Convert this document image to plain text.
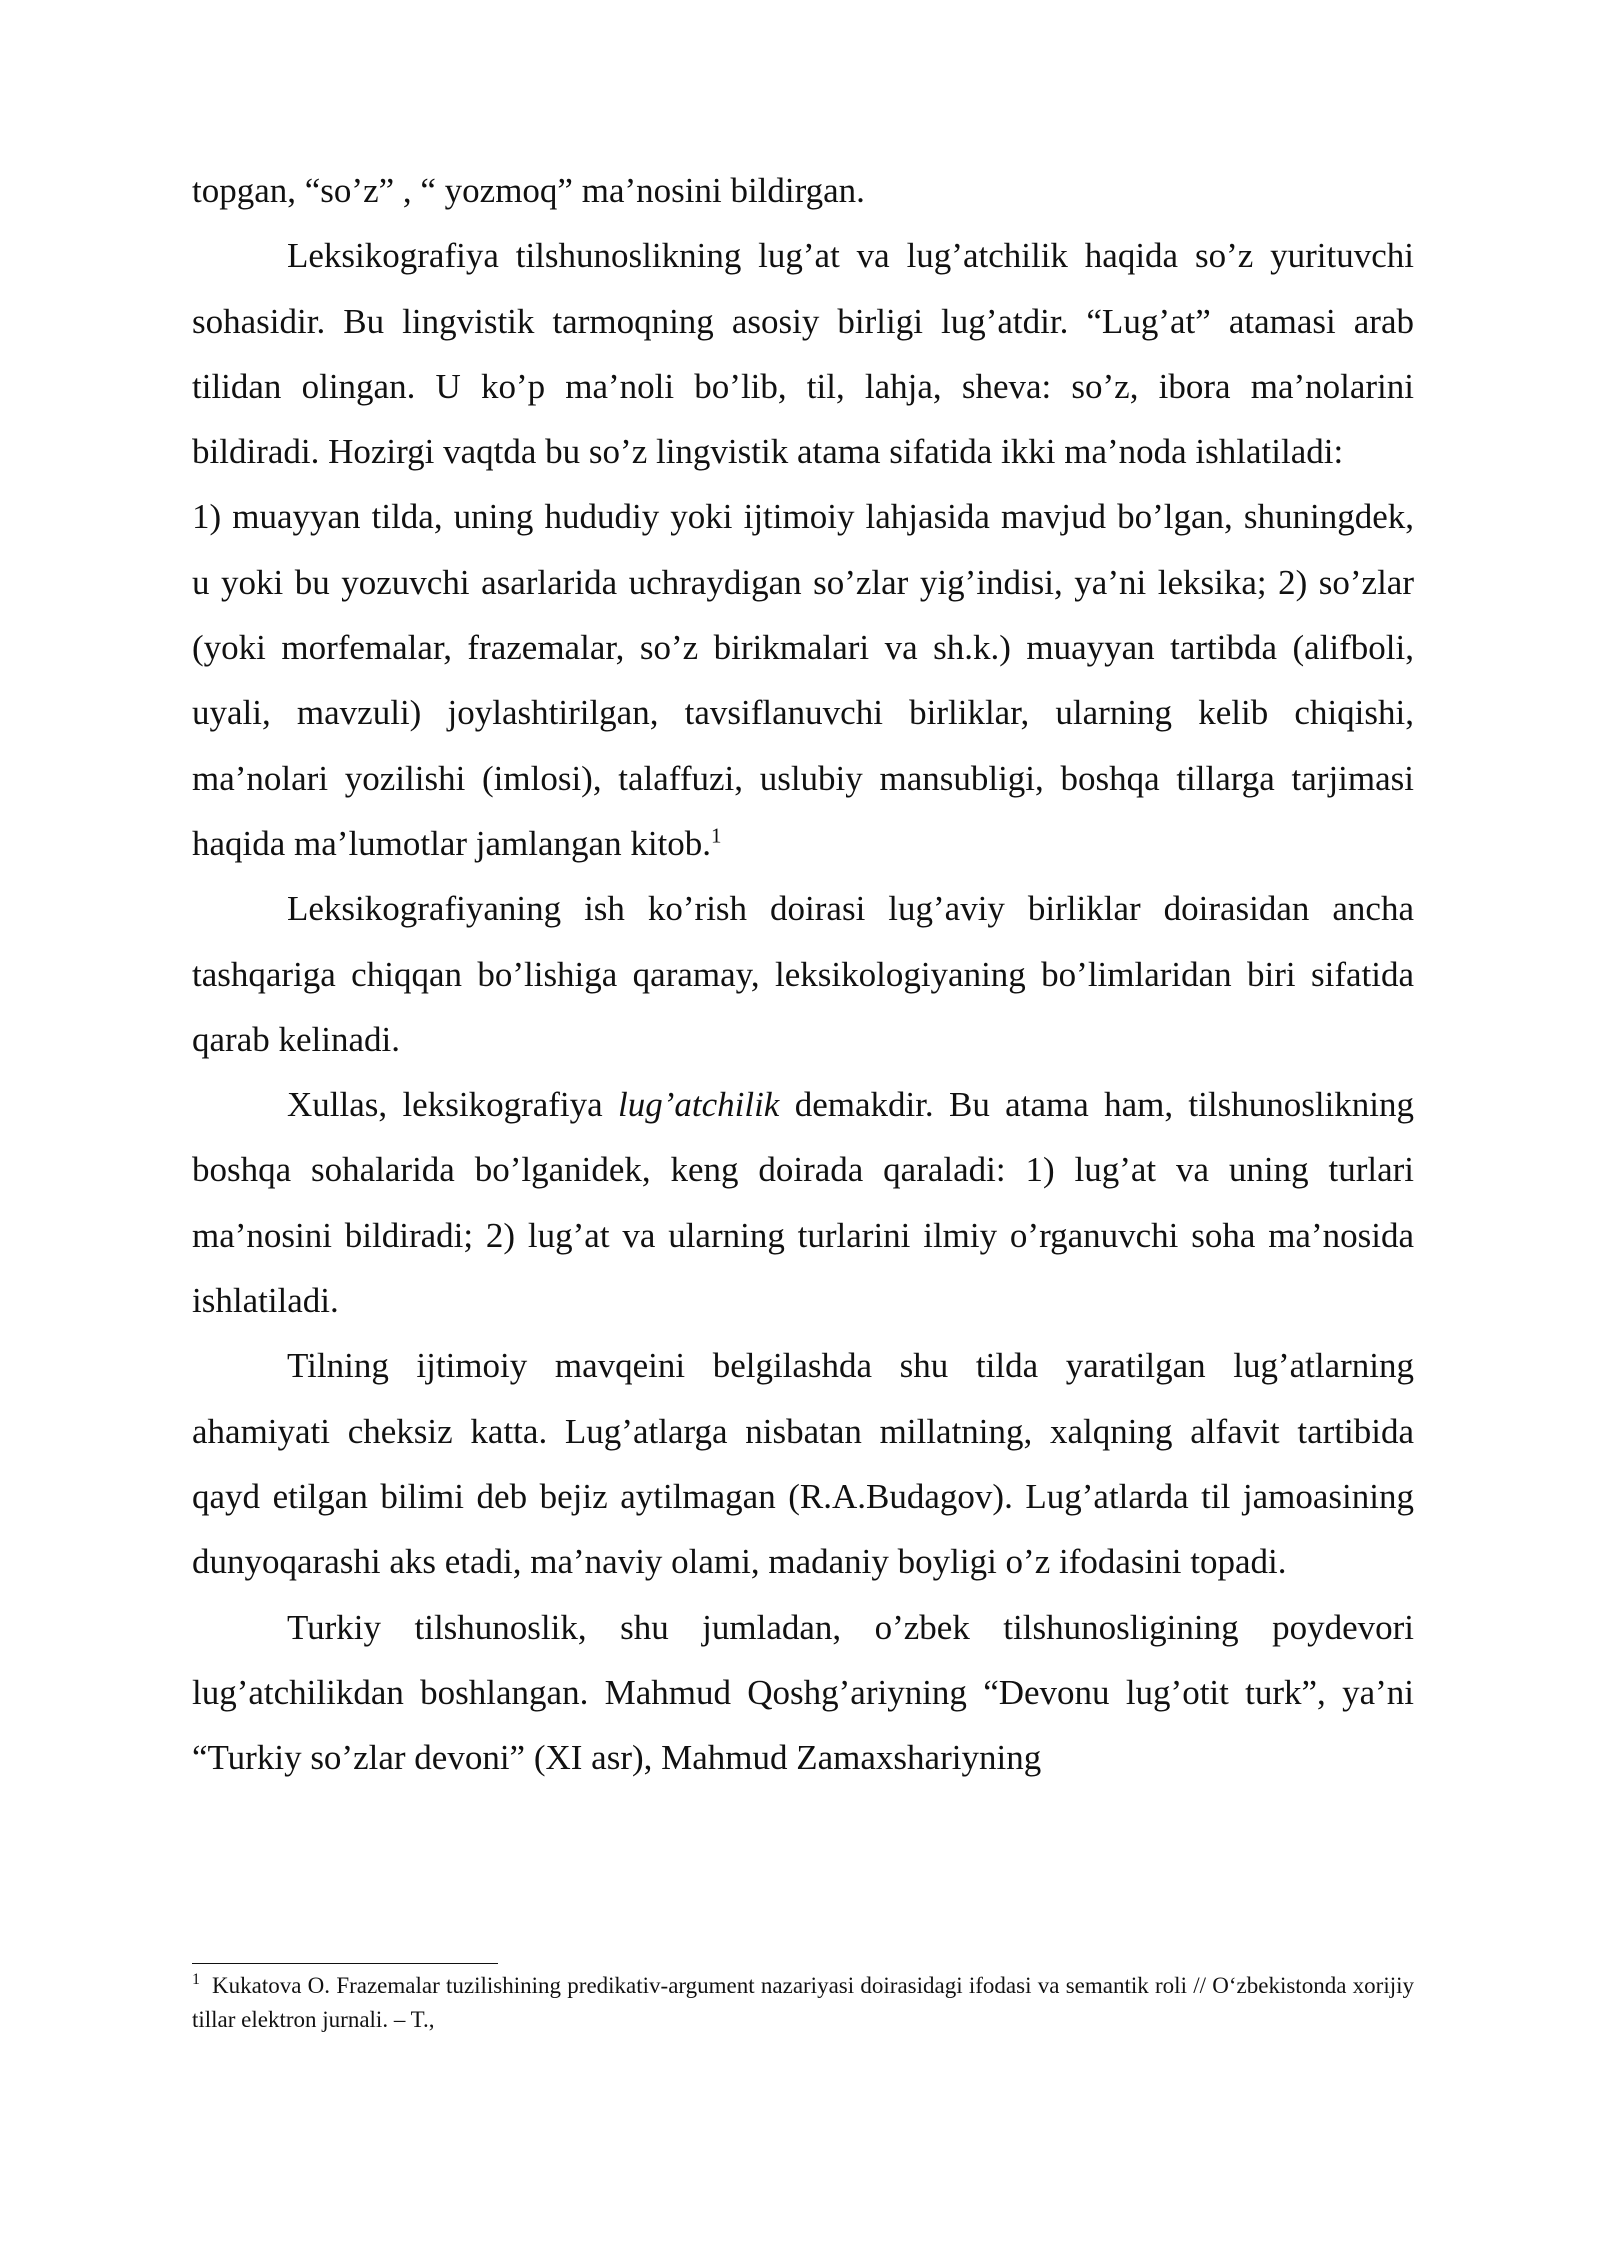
topgan, “so’z” , “ yozmoq” ma’nosini bildirgan.

Leksikografiya tilshunoslikning lug’at va lug’atchilik haqida so’z yurituvchi sohasidir. Bu lingvistik tarmoqning asosiy birligi lug’atdir. “Lug’at” atamasi arab tilidan olingan. U ko’p ma’noli bo’lib, til, lahja, sheva: so’z, ibora ma’nolarini bildiradi. Hozirgi vaqtda bu so’z lingvistik atama sifatida ikki ma’noda ishlatiladi:

1) muayyan tilda, uning hududiy yoki ijtimoiy lahjasida mavjud bo’lgan, shuningdek, u yoki bu yozuvchi asarlarida uchraydigan so’zlar yig’indisi, ya’ni leksika; 2) so’zlar (yoki morfemalar, frazemalar, so’z birikmalari va sh.k.) muayyan tartibda (alifboli, uyali, mavzuli) joylashtirilgan, tavsiflanuvchi birliklar, ularning kelib chiqishi, ma’nolari yozilishi (imlosi), talaffuzi, uslubiy mansubligi, boshqa tillarga tarjimasi haqida ma’lumotlar jamlangan kitob.$^1$

Leksikografiyaning ish ko’rish doirasi lug’aviy birliklar doirasidan ancha tashqariga chiqqan bo’lishiga qaramay, leksikologiyaning bo’limlaridan biri sifatida qarab kelinadi.

Xullas, leksikografiya lug’atchilik demakdir. Bu atama ham, tilshunoslikning boshqa sohalarida bo’lganidek, keng doirada qaraladi: 1) lug’at va uning turlari ma’nosini bildiradi; 2) lug’at va ularning turlarini ilmiy o’rganuvchi soha ma’nosida ishlatiladi.

Tilning ijtimoiy mavqeini belgilashda shu tilda yaratilgan lug’atlarning ahamiyati cheksiz katta. Lug’atlarga nisbatan millatning, xalqning alfavit tartibida qayd etilgan bilimi deb bejiz aytilmagan (R.A.Budagov). Lug’atlarda til jamoasining dunyoqarashi aks etadi, ma’naviy olami, madaniy boyligi o’z ifodasini topadi.

Turkiy tilshunoslik, shu jumladan, o’zbek tilshunosligining poydevori lug’atchilikdan boshlangan. Mahmud Qoshg’ariyning “Devonu lug’otit turk”, ya’ni “Turkiy so’zlar devoni” (XI asr), Mahmud Zamaxshariyning

$^1$ Kukatova O. Frazemalar tuzilishining predikativ-argument nazariyasi doirasidagi ifodasi va semantik roli // O‘zbekistonda xorijiy tillar elektron jurnali. – T.,
